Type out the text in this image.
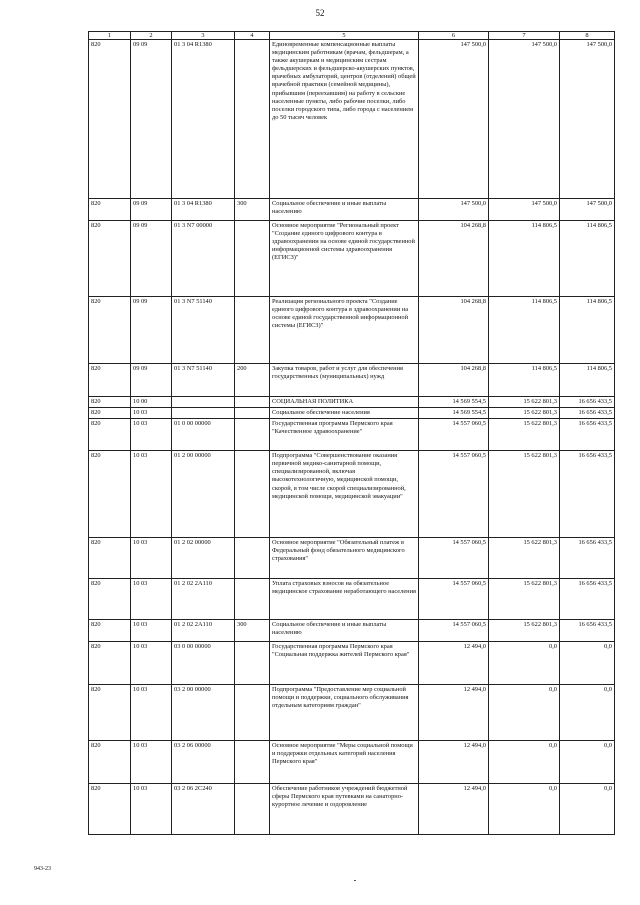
52
1	2	3	4	5	6	7	8
820	09 09	01 3 04 R1380		Единовременные компенсационные выплаты медицинским работникам (врачам, фельдшерам, а также акушеркам и медицинским сестрам фельдшерских и фельдшерско-акушерских пунктов, врачебных амбулаторий, центров (отделений) общей врачебной практики (семейной медицины), прибывшим (переехавшим) на работу в сельские населенные пункты, либо рабочие поселки, либо поселки городского типа, либо города с населением до 50 тысяч человек	147 500,0	147 500,0	147 500,0
820	09 09	01 3 04 R1380	300	Социальное обеспечение и иные выплаты населению	147 500,0	147 500,0	147 500,0
820	09 09	01 3 N7 00000		Основное мероприятие "Региональный проект "Создание единого цифрового контура в здравоохранении на основе единой государственной информационной системы здравоохранения (ЕГИСЗ)"	104 268,8	114 806,5	114 806,5
820	09 09	01 3 N7 51140		Реализация регионального проекта "Создание единого цифрового контура в здравоохранении на основе единой государственной информационной системы (ЕГИСЗ)"	104 268,8	114 806,5	114 806,5
820	09 09	01 3 N7 51140	200	Закупка товаров, работ и услуг для обеспечения государственных (муниципальных) нужд	104 268,8	114 806,5	114 806,5
820	10 00			СОЦИАЛЬНАЯ ПОЛИТИКА	14 569 554,5	15 622 801,3	16 656 433,5
820	10 03			Социальное обеспечение населения	14 569 554,5	15 622 801,3	16 656 433,5
820	10 03	01 0 00 00000		Государственная программа Пермского края "Качественное здравоохранение"	14 557 060,5	15 622 801,3	16 656 433,5
820	10 03	01 2 00 00000		Подпрограмма "Совершенствование оказания первичной медико-санитарной помощи, специализированной, включая высокотехнологичную, медицинской помощи, скорой, в том числе скорой специализированной, медицинской помощи, медицинской эвакуации"	14 557 060,5	15 622 801,3	16 656 433,5
820	10 03	01 2 02 00000		Основное мероприятие "Обязательный платеж в Федеральный фонд обязательного медицинского страхования"	14 557 060,5	15 622 801,3	16 656 433,5
820	10 03	01 2 02 2A110		Уплата страховых взносов на обязательное медицинское страхование неработающего населения	14 557 060,5	15 622 801,3	16 656 433,5
820	10 03	01 2 02 2A110	300	Социальное обеспечение и иные выплаты населению	14 557 060,5	15 622 801,3	16 656 433,5
820	10 03	03 0 00 00000		Государственная программа Пермского края "Социальная поддержка жителей Пермского края"	12 494,0	0,0	0,0
820	10 03	03 2 00 00000		Подпрограмма "Предоставление мер социальной помощи и поддержки, социального обслуживания отдельным категориям граждан"	12 494,0	0,0	0,0
820	10 03	03 2 06 00000		Основное мероприятие "Меры социальной помощи и поддержки отдельных категорий населения Пермского края"	12 494,0	0,0	0,0
820	10 03	03 2 06 2C240		Обеспечение работников учреждений бюджетной сферы Пермского края путевками на санаторно-курортное лечение и оздоровление	12 494,0	0,0	0,0
943-23
